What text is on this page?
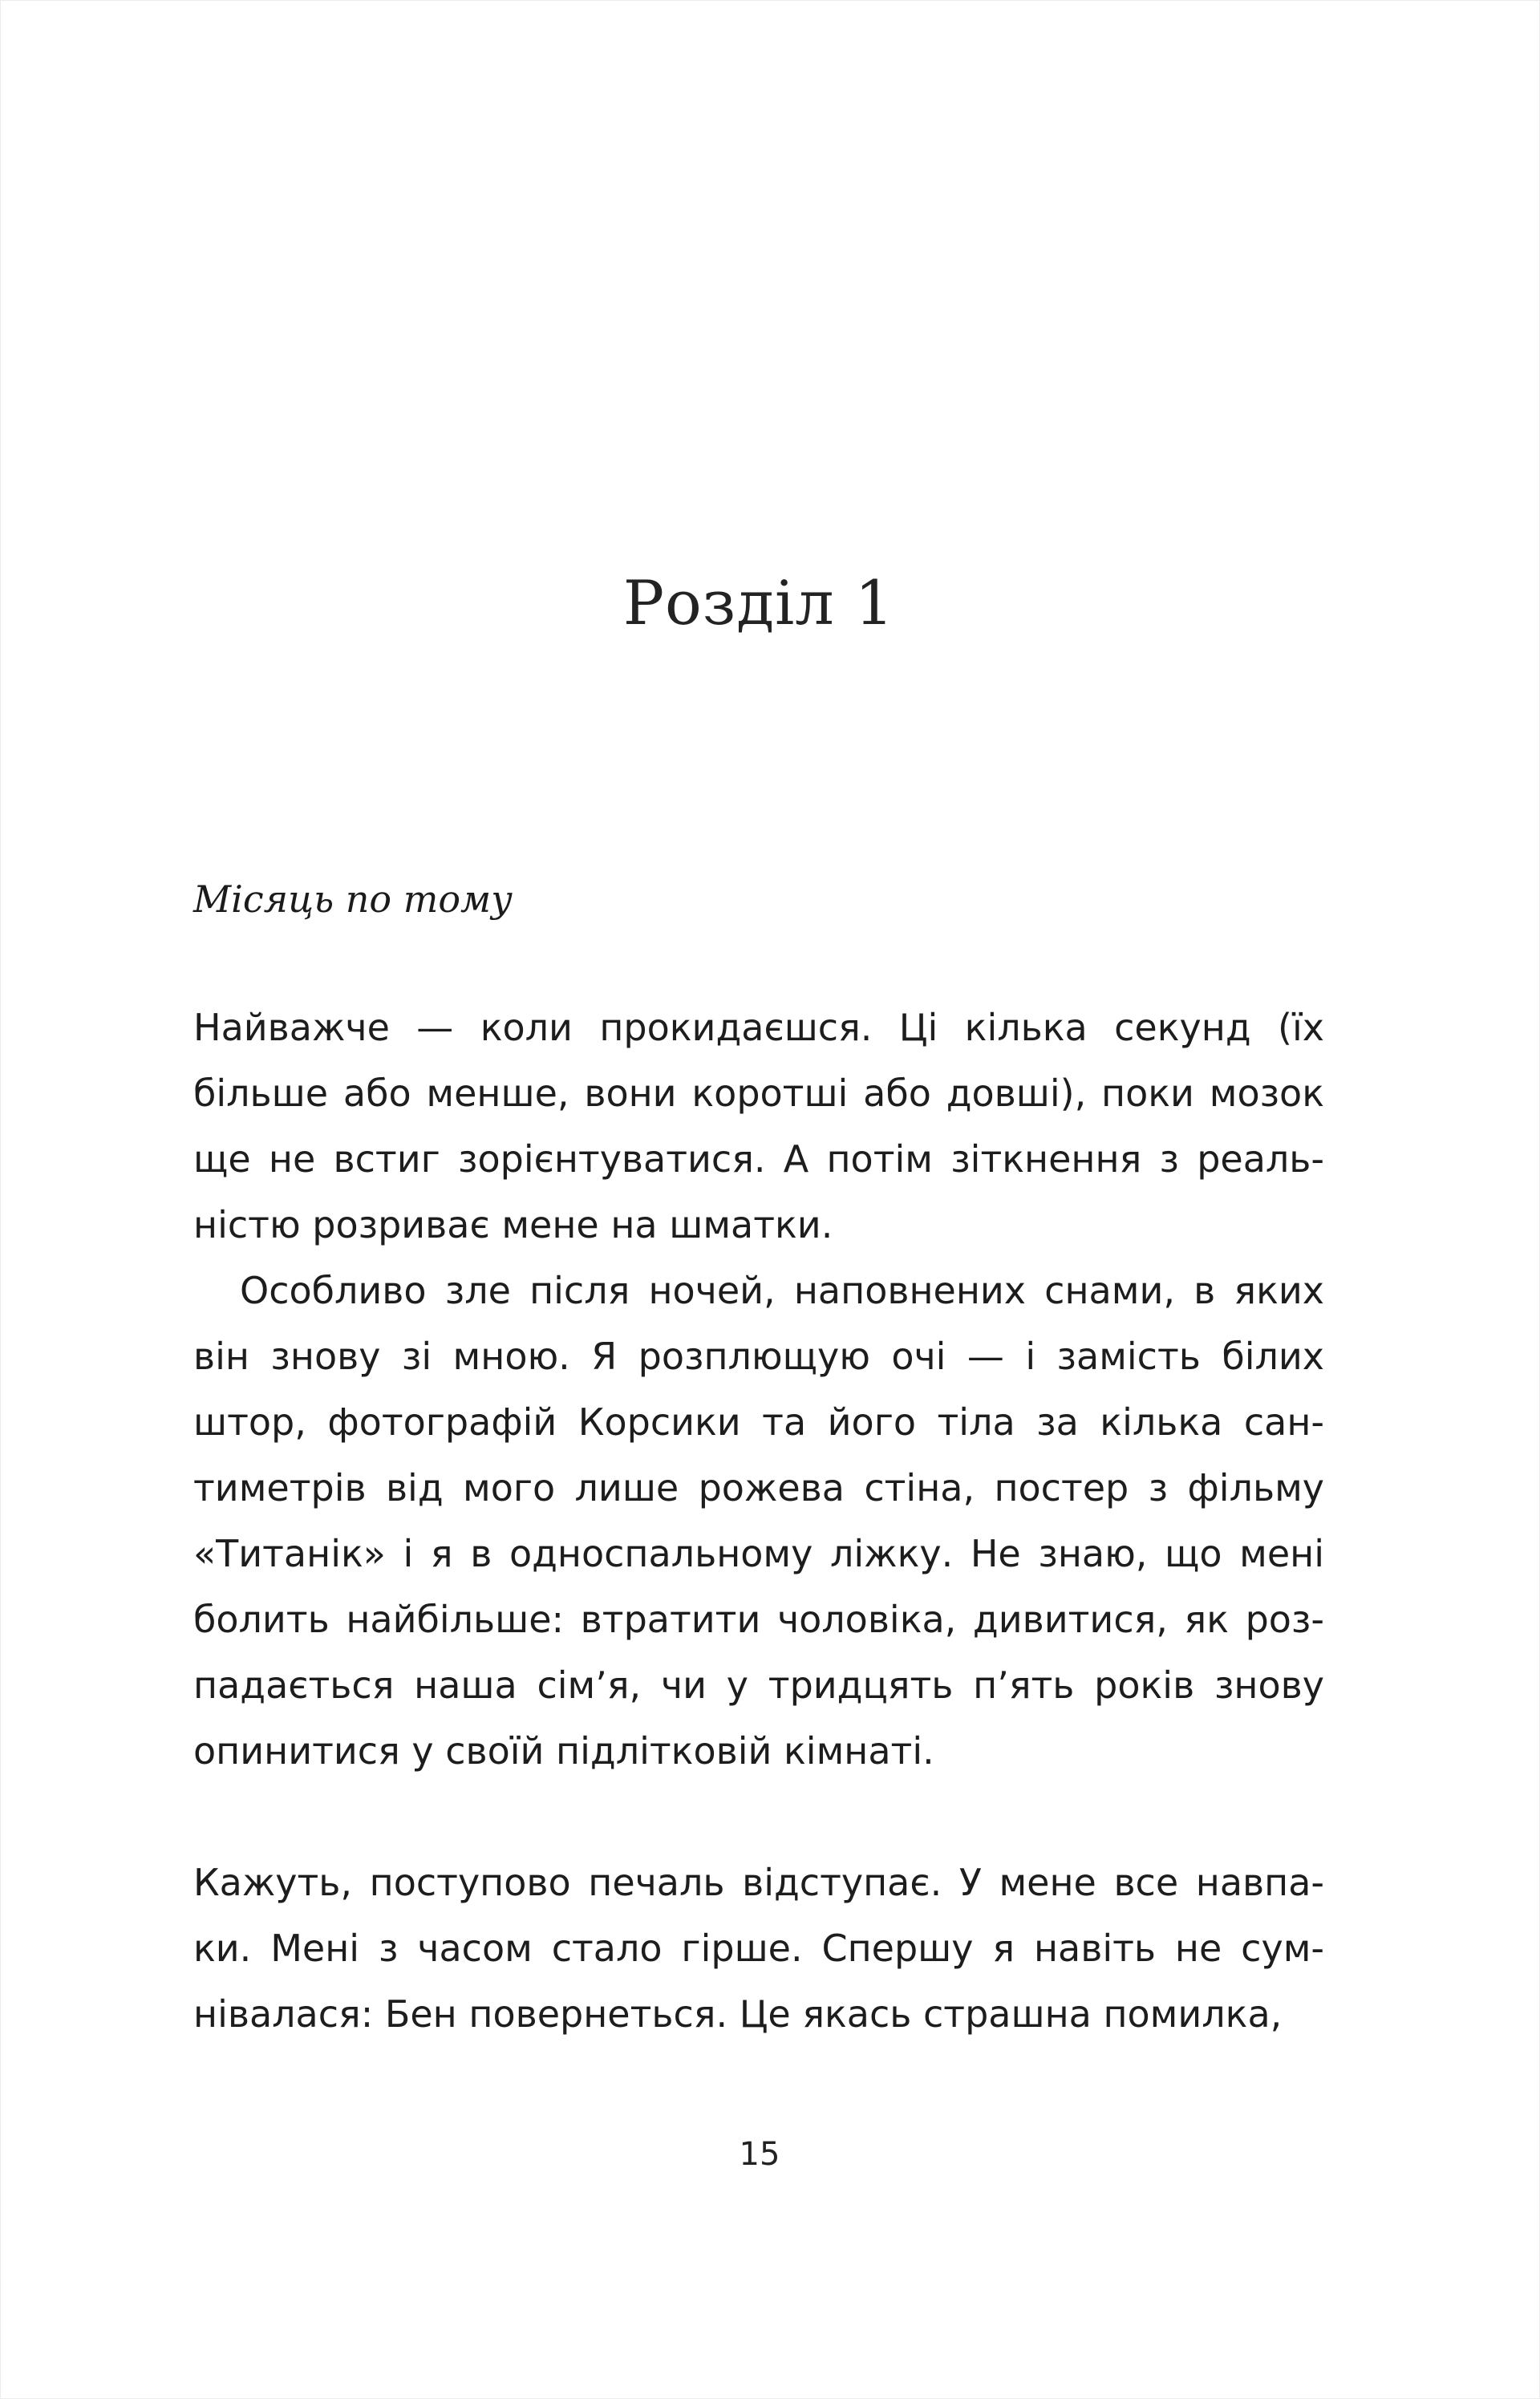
Розділ 1
Місяць по тому
Найважче — коли прокидаєшся. Ці кілька секунд (їх
більше або менше, вони коротші або довші), поки мозок
ще не встиг зорієнтуватися. А потім зіткнення з реаль-
ністю розриває мене на шматки.
Особливо зле після ночей, наповнених снами, в яких
він знову зі мною. Я розплющую очі — і замість білих
штор, фотографій Корсики та його тіла за кілька сан-
тиметрів від мого лише рожева стіна, постер з фільму
«Титанік» і я в односпальному ліжку. Не знаю, що мені
болить найбільше: втратити чоловіка, дивитися, як роз-
падається наша сім’я, чи у тридцять п’ять років знову
опинитися у своїй підлітковій кімнаті.
Кажуть, поступово печаль відступає. У мене все навпа-
ки. Мені з часом стало гірше. Спершу я навіть не сум-
нівалася: Бен повернеться. Це якась страшна помилка,
15
